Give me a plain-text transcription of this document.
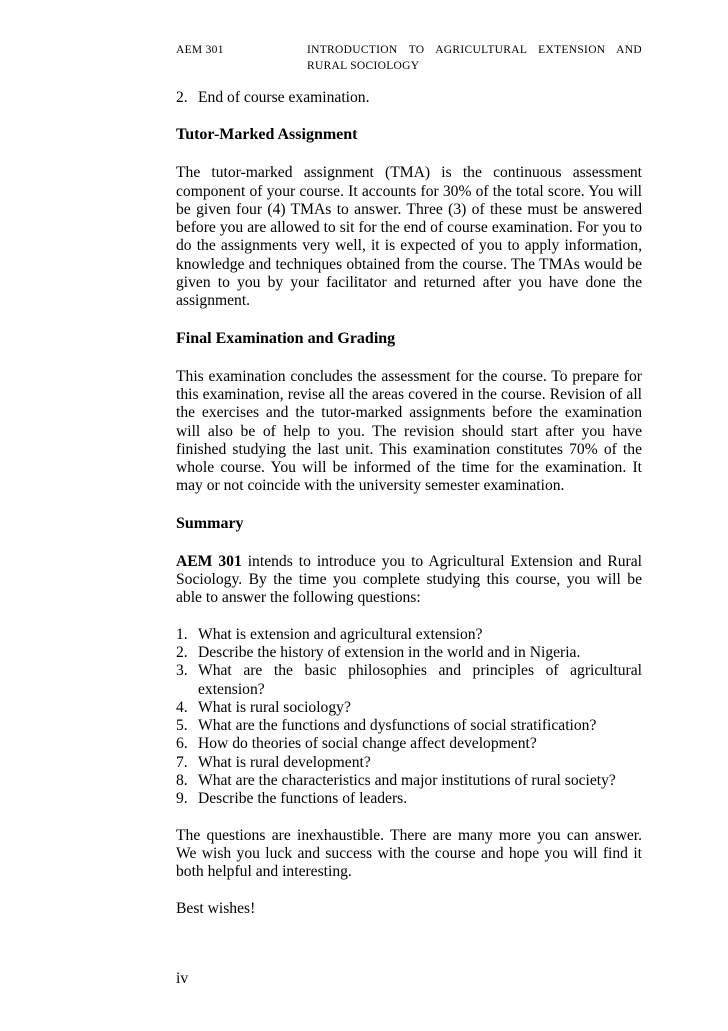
AEM 301	INTRODUCTION TO AGRICULTURAL EXTENSION AND RURAL SOCIOLOGY
2. End of course examination.
Tutor-Marked Assignment

The tutor-marked assignment (TMA) is the continuous assessment component of your course. It accounts for 30% of the total score. You will be given four (4) TMAs to answer. Three (3) of these must be answered before you are allowed to sit for the end of course examination. For you to do the assignments very well, it is expected of you to apply information, knowledge and techniques obtained from the course. The TMAs would be given to you by your facilitator and returned after you have done the assignment.

Final Examination and Grading

This examination concludes the assessment for the course. To prepare for this examination, revise all the areas covered in the course. Revision of all the exercises and the tutor-marked assignments before the examination will also be of help to you. The revision should start after you have finished studying the last unit. This examination constitutes 70% of the whole course. You will be informed of the time for the examination. It may or not coincide with the university semester examination.

Summary

AEM 301 intends to introduce you to Agricultural Extension and Rural Sociology. By the time you complete studying this course, you will be able to answer the following questions:

1. What is extension and agricultural extension?
2. Describe the history of extension in the world and in Nigeria.
3. What are the basic philosophies and principles of agricultural extension?
4. What is rural sociology?
5. What are the functions and dysfunctions of social stratification?
6. How do theories of social change affect development?
7. What is rural development?
8. What are the characteristics and major institutions of rural society?
9. Describe the functions of leaders.

The questions are inexhaustible. There are many more you can answer. We wish you luck and success with the course and hope you will find it both helpful and interesting.

Best wishes!

iv
